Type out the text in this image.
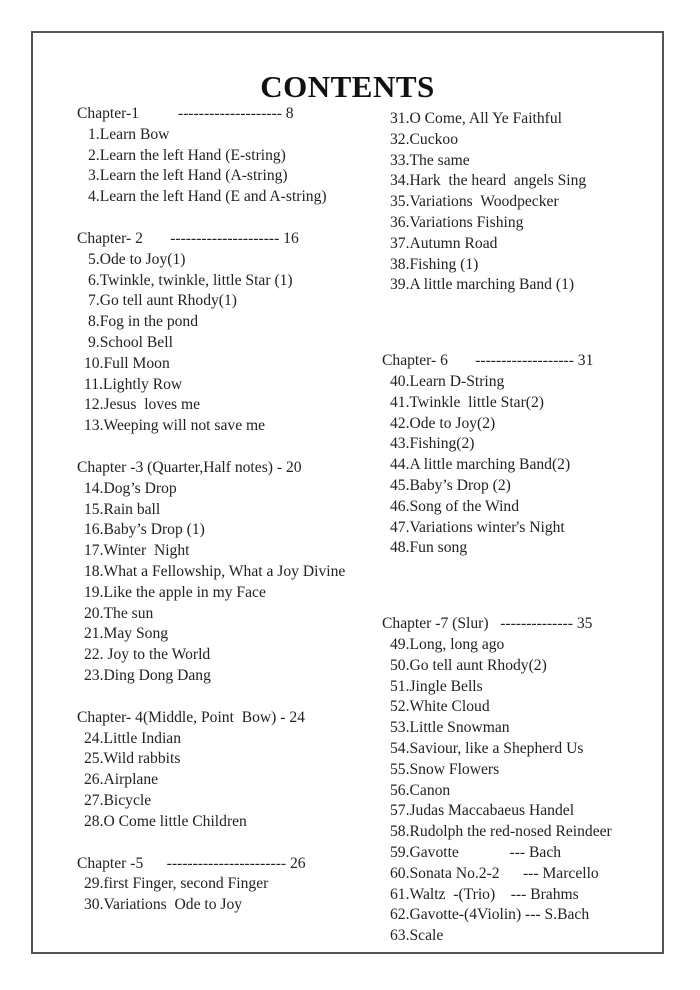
CONTENTS
Chapter-1          -------------------- 8
1.Learn Bow
2.Learn the left Hand (E-string)
3.Learn the left Hand (A-string)
4.Learn the left Hand (E and A-string)
Chapter- 2       --------------------- 16
5.Ode to Joy(1)
6.Twinkle, twinkle, little Star (1)
7.Go tell aunt Rhody(1)
8.Fog in the pond
9.School Bell
10.Full Moon
11.Lightly Row
12.Jesus  loves me
13.Weeping will not save me
Chapter -3 (Quarter,Half notes) - 20
14.Dog’s Drop
15.Rain ball
16.Baby’s Drop (1)
17.Winter  Night
18.What a Fellowship, What a Joy Divine
19.Like the apple in my Face
20.The sun
21.May Song
22. Joy to the World
23.Ding Dong Dang
Chapter- 4(Middle, Point  Bow) - 24
24.Little Indian
25.Wild rabbits
26.Airplane
27.Bicycle
28.O Come little Children
Chapter -5      ----------------------- 26
29.first Finger, second Finger
30.Variations  Ode to Joy
31.O Come, All Ye Faithful
32.Cuckoo
33.The same
34.Hark  the heard  angels Sing
35.Variations  Woodpecker
36.Variations Fishing
37.Autumn Road
38.Fishing (1)
39.A little marching Band (1)
Chapter- 6       ------------------- 31
40.Learn D-String
41.Twinkle  little Star(2)
42.Ode to Joy(2)
43.Fishing(2)
44.A little marching Band(2)
45.Baby’s Drop (2)
46.Song of the Wind
47.Variations winter's Night
48.Fun song
Chapter -7 (Slur)   -------------- 35
49.Long, long ago
50.Go tell aunt Rhody(2)
51.Jingle Bells
52.White Cloud
53.Little Snowman
54.Saviour, like a Shepherd Us
55.Snow Flowers
56.Canon
57.Judas Maccabaeus Handel
58.Rudolph the red-nosed Reindeer
59.Gavotte             --- Bach
60.Sonata No.2-2      --- Marcello
61.Waltz  -(Trio)    --- Brahms
62.Gavotte-(4Violin) --- S.Bach
63.Scale
